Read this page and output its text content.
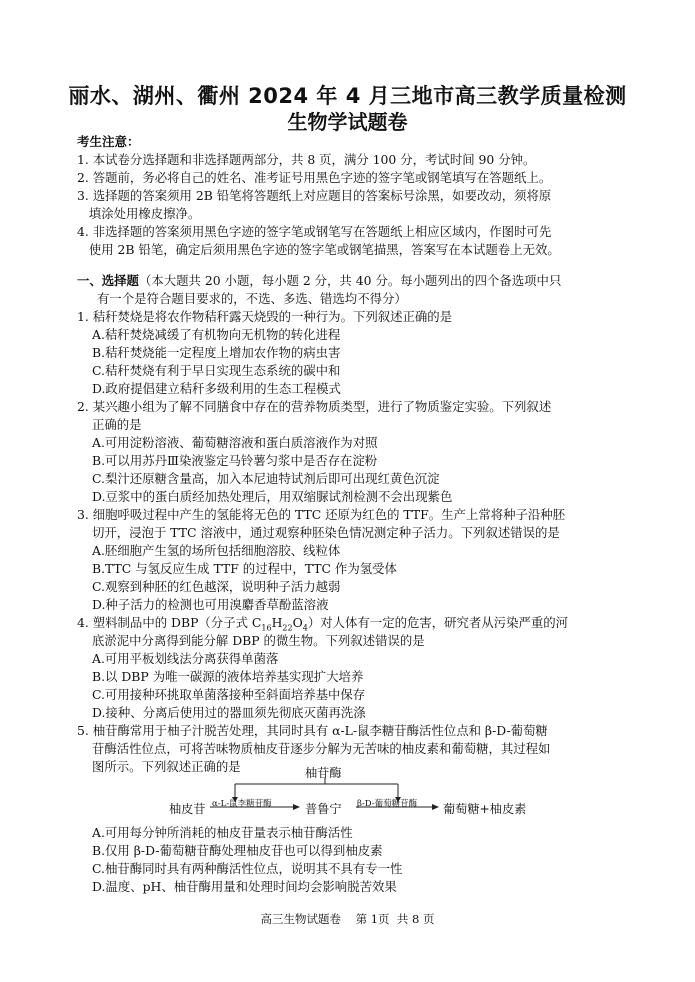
丽水、湖州、衢州 2024 年 4 月三地市高三教学质量检测
生物学试题卷
考生注意：
1. 本试卷分选择题和非选择题两部分，共 8 页，满分 100 分，考试时间 90 分钟。
2. 答题前，务必将自己的姓名、准考证号用黑色字迹的签字笔或钢笔填写在答题纸上。
3. 选择题的答案须用 2B 铅笔将答题纸上对应题目的答案标号涂黑，如要改动，须将原
填涂处用橡皮擦净。
4. 非选择题的答案须用黑色字迹的签字笔或钢笔写在答题纸上相应区域内，作图时可先
使用 2B 铅笔，确定后须用黑色字迹的签字笔或钢笔描黑，答案写在本试题卷上无效。
一、选择题（本大题共 20 小题，每小题 2 分，共 40 分。每小题列出的四个备选项中只
有一个是符合题目要求的，不选、多选、错选均不得分）
1. 秸秆焚烧是将农作物秸秆露天烧毁的一种行为。下列叙述正确的是
A.秸秆焚烧减缓了有机物向无机物的转化进程
B.秸秆焚烧能一定程度上增加农作物的病虫害
C.秸秆焚烧有利于早日实现生态系统的碳中和
D.政府提倡建立秸秆多级利用的生态工程模式
2. 某兴趣小组为了解不同膳食中存在的营养物质类型，进行了物质鉴定实验。下列叙述
正确的是
A.可用淀粉溶液、葡萄糖溶液和蛋白质溶液作为对照
B.可以用苏丹Ⅲ染液鉴定马铃薯匀浆中是否存在淀粉
C.梨汁还原糖含量高，加入本尼迪特试剂后即可出现红黄色沉淀
D.豆浆中的蛋白质经加热处理后，用双缩脲试剂检测不会出现紫色
3. 细胞呼吸过程中产生的氢能将无色的 TTC 还原为红色的 TTF。生产上常将种子沿种胚
切开，浸泡于 TTC 溶液中，通过观察种胚染色情况测定种子活力。下列叙述错误的是
A.胚细胞产生氢的场所包括细胞溶胶、线粒体
B.TTC 与氢反应生成 TTF 的过程中，TTC 作为氢受体
C.观察到种胚的红色越深，说明种子活力越弱
D.种子活力的检测也可用溴麝香草酚蓝溶液
4. 塑料制品中的 DBP（分子式 $C_{16}H_{22}O_4$）对人体有一定的危害，研究者从污染严重的河
底淤泥中分离得到能分解 DBP 的微生物。下列叙述错误的是
A.可用平板划线法分离获得单菌落
B.以 DBP 为唯一碳源的液体培养基实现扩大培养
C.可用接种环挑取单菌落接种至斜面培养基中保存
D.接种、分离后使用过的器皿须先彻底灭菌再洗涤
5. 柚苷酶常用于柚子汁脱苦处理，其同时具有 α-L-鼠李糖苷酶活性位点和 β-D-葡萄糖
苷酶活性位点，可将苦味物质柚皮苷逐步分解为无苦味的柚皮素和葡萄糖，其过程如
图所示。下列叙述正确的是	柚苷酶
柚皮苷 α-L-鼠李糖苷酶	普鲁宁 β-D-葡萄糖苷酶 葡萄糖+柚皮素
A.可用每分钟所消耗的柚皮苷量表示柚苷酶活性
B.仅用 β-D-葡萄糖苷酶处理柚皮苷也可以得到柚皮素
C.柚苷酶同时具有两种酶活性位点，说明其不具有专一性
D.温度、pH、柚苷酶用量和处理时间均会影响脱苦效果
高三生物试题卷    第 1页  共 8 页
